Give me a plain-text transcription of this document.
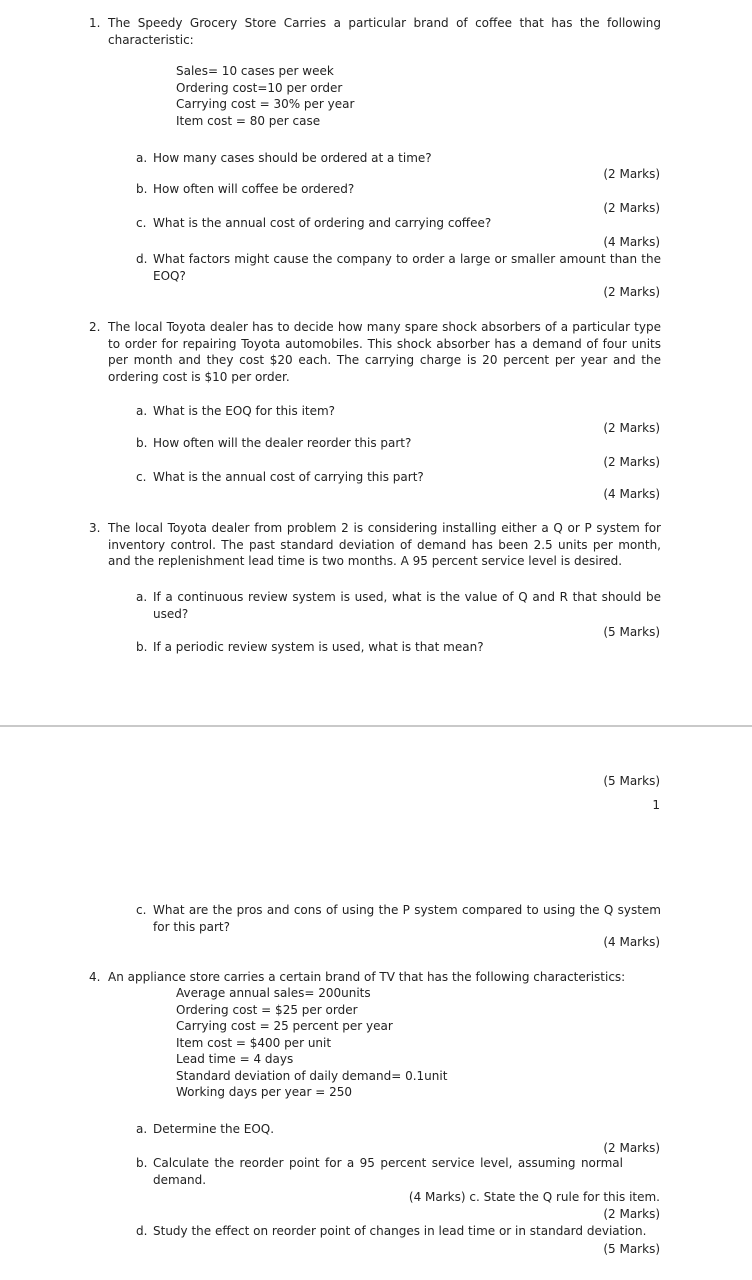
1. The Speedy Grocery Store Carries a particular brand of coffee that has the following characteristic:

Sales= 10 cases per week
Ordering cost=10 per order
Carrying cost = 30% per year
Item cost = 80 per case
a. How many cases should be ordered at a time?

(2 Marks)
b. How often will coffee be ordered?

(2 Marks)
c. What is the annual cost of ordering and carrying coffee?

(4 Marks)
d. What factors might cause the company to order a large or smaller amount than the EOQ?

(2 Marks)
2. The local Toyota dealer has to decide how many spare shock absorbers of a particular type to order for repairing Toyota automobiles. This shock absorber has a demand of four units per month and they cost $20 each. The carrying charge is 20 percent per year and the ordering cost is $10 per order.

a. What is the EOQ for this item?

(2 Marks)
b. How often will the dealer reorder this part?

(2 Marks)
c. What is the annual cost of carrying this part?

(4 Marks)
3. The local Toyota dealer from problem 2 is considering installing either a Q or P system for inventory control. The past standard deviation of demand has been 2.5 units per month, and the replenishment lead time is two months. A 95 percent service level is desired.

a. If a continuous review system is used, what is the value of Q and R that should be used?

(5 Marks)
b. If a periodic review system is used, what is that mean?

(5 Marks)
1
c. What are the pros and cons of using the P system compared to using the Q system for this part?

(4 Marks)
4. An appliance store carries a certain brand of TV that has the following characteristics:

Average annual sales= 200units
Ordering cost = $25 per order
Carrying cost = 25 percent per year
Item cost = $400 per unit
Lead time = 4 days
Standard deviation of daily demand= 0.1unit
Working days per year = 250
a. Determine the EOQ.

(2 Marks)
b. Calculate the reorder point for a 95 percent service level, assuming normal demand.

(4 Marks) c. State the Q rule for this item.
(2 Marks)
d. Study the effect on reorder point of changes in lead time or in standard deviation.

(5 Marks)
